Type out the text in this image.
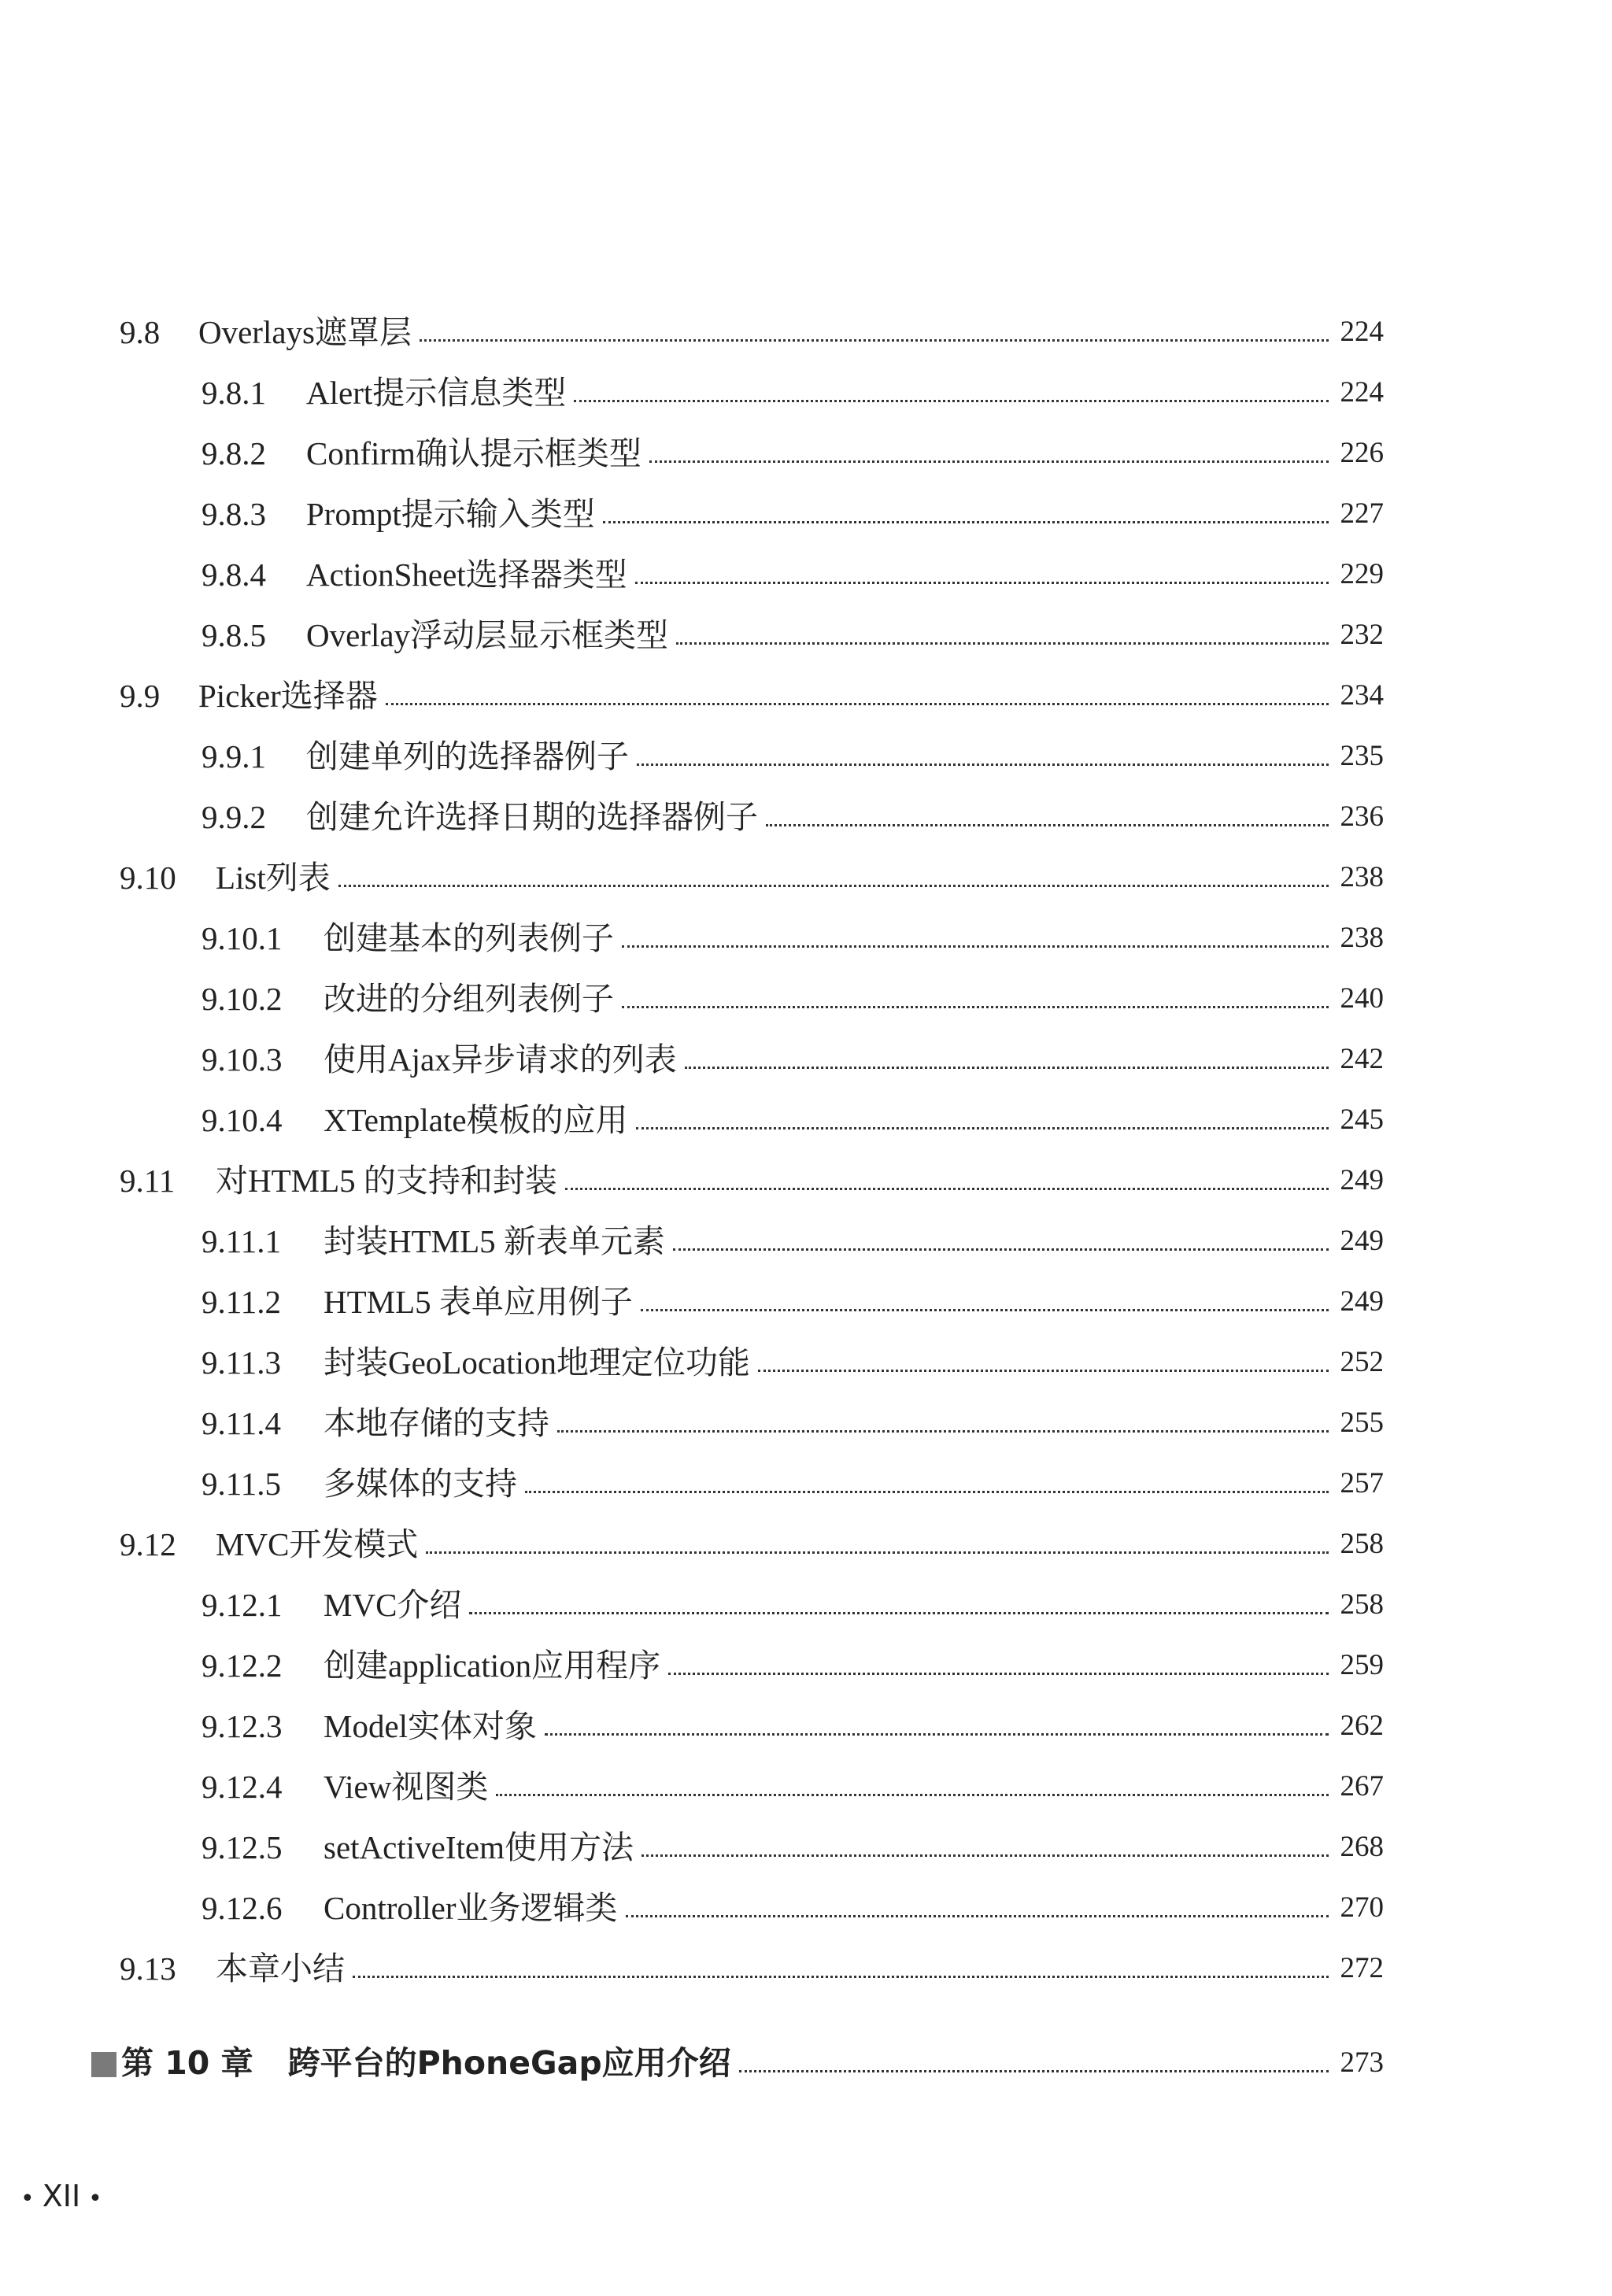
9.8	Overlays遮罩层	224
9.8.1	Alert提示信息类型	224
9.8.2	Confirm确认提示框类型	226
9.8.3	Prompt提示输入类型	227
9.8.4	ActionSheet选择器类型	229
9.8.5	Overlay浮动层显示框类型	232
9.9	Picker选择器	234
9.9.1	创建单列的选择器例子	235
9.9.2	创建允许选择日期的选择器例子	236
9.10	List列表	238
9.10.1	创建基本的列表例子	238
9.10.2	改进的分组列表例子	240
9.10.3	使用Ajax异步请求的列表	242
9.10.4	XTemplate模板的应用	245
9.11	对HTML5 的支持和封装	249
9.11.1	封装HTML5 新表单元素	249
9.11.2	HTML5 表单应用例子	249
9.11.3	封装GeoLocation地理定位功能	252
9.11.4	本地存储的支持	255
9.11.5	多媒体的支持	257
9.12	MVC开发模式	258
9.12.1	MVC介绍	258
9.12.2	创建application应用程序	259
9.12.3	Model实体对象	262
9.12.4	View视图类	267
9.12.5	setActiveItem使用方法	268
9.12.6	Controller业务逻辑类	270
9.13	本章小结	272
第 10 章 跨平台的PhoneGap应用介绍	273
• XII •
